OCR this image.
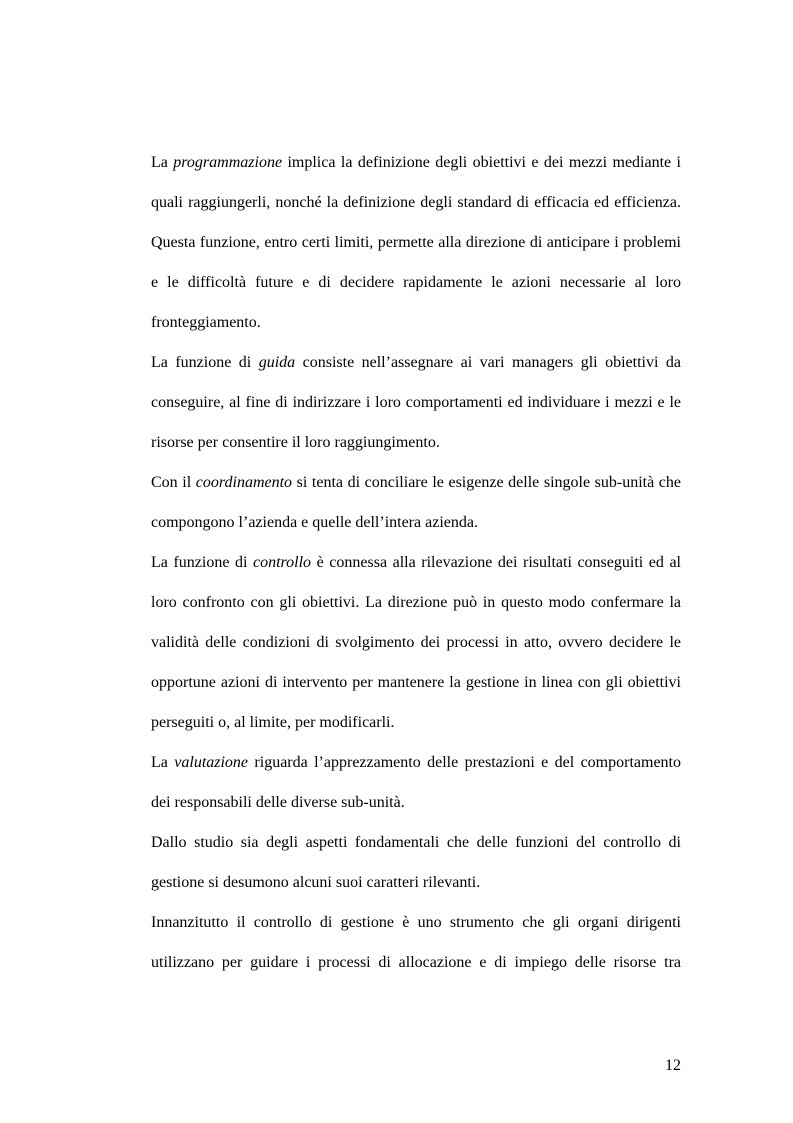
La programmazione implica la definizione degli obiettivi e dei mezzi mediante i quali raggiungerli, nonché la definizione degli standard di efficacia ed efficienza. Questa funzione, entro certi limiti, permette alla direzione di anticipare i problemi e le difficoltà future e di decidere rapidamente le azioni necessarie al loro fronteggiamento.

La funzione di guida consiste nell’assegnare ai vari managers gli obiettivi da conseguire, al fine di indirizzare i loro comportamenti ed individuare i mezzi e le risorse per consentire il loro raggiungimento.

Con il coordinamento si tenta di conciliare le esigenze delle singole sub-unità che compongono l’azienda e quelle dell’intera azienda.

La funzione di controllo è connessa alla rilevazione dei risultati conseguiti ed al loro confronto con gli obiettivi. La direzione può in questo modo confermare la validità delle condizioni di svolgimento dei processi in atto, ovvero decidere le opportune azioni di intervento per mantenere la gestione in linea con gli obiettivi perseguiti o, al limite, per modificarli.

La valutazione riguarda l’apprezzamento delle prestazioni e del comportamento dei responsabili delle diverse sub-unità.

Dallo studio sia degli aspetti fondamentali che delle funzioni del controllo di gestione si desumono alcuni suoi caratteri rilevanti.

Innanzitutto il controllo di gestione è uno strumento che gli organi dirigenti utilizzano per guidare i processi di allocazione e di impiego delle risorse tra

12
